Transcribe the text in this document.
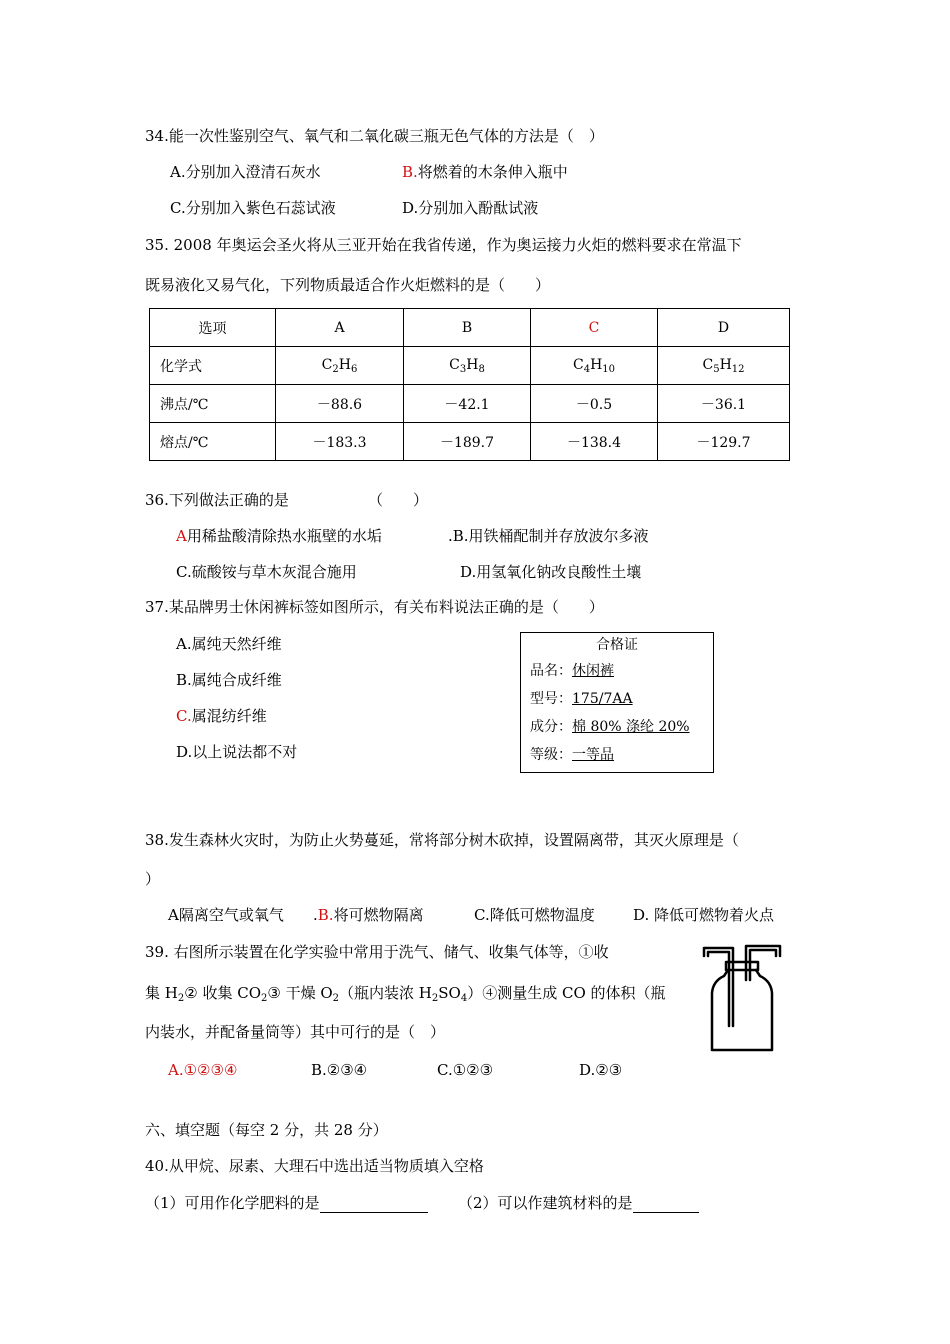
34.能一次性鉴别空气、氧气和二氧化碳三瓶无色气体的方法是（　）
A.分别加入澄清石灰水	B.将燃着的木条伸入瓶中
C.分别加入紫色石蕊试液	D.分别加入酚酞试液
35. 2008 年奥运会圣火将从三亚开始在我省传递，作为奥运接力火炬的燃料要求在常温下
既易液化又易气化，下列物质最适合作火炬燃料的是（　　）
选项	A	B	C	D
化学式	$C_2H_6$	$C_3H_8$	$C_4H_{10}$	$C_5H_{12}$
沸点/℃	－88.6	－42.1	－0.5	－36.1
熔点/℃	－183.3	－189.7	－138.4	－129.7
36.下列做法正确的是	（　　）
A用稀盐酸清除热水瓶壁的水垢	.B.用铁桶配制并存放波尔多液
C.硫酸铵与草木灰混合施用	D.用氢氧化钠改良酸性土壤
37.某品牌男士休闲裤标签如图所示，有关布料说法正确的是（　　）
A.属纯天然纤维
B.属纯合成纤维
C.属混纺纤维
D.以上说法都不对
合格证
品名：休闲裤
型号：175/7AA
成分：棉 80% 涤纶 20%
等级：一等品
38.发生森林火灾时，为防止火势蔓延，常将部分树木砍掉，设置隔离带，其灭火原理是（
）
A隔离空气或氧气 .B.将可燃物隔离	C.降低可燃物温度	D. 降低可燃物着火点
39. 右图所示装置在化学实验中常用于洗气、储气、收集气体等，①收
集 $H_2②$ 收集 $CO_2③$ 干燥 $O_2$（瓶内装浓 $H_2SO_4)④$测量生成 CO 的体积（瓶
内装水，并配备量筒等）其中可行的是（　）
A.①②③④	B.②③④	C.①②③	D.②③
六、填空题（每空 2 分，共 28 分）
40.从甲烷、尿素、大理石中选出适当物质填入空格
（1）可用作化学肥料的是	（2）可以作建筑材料的是
